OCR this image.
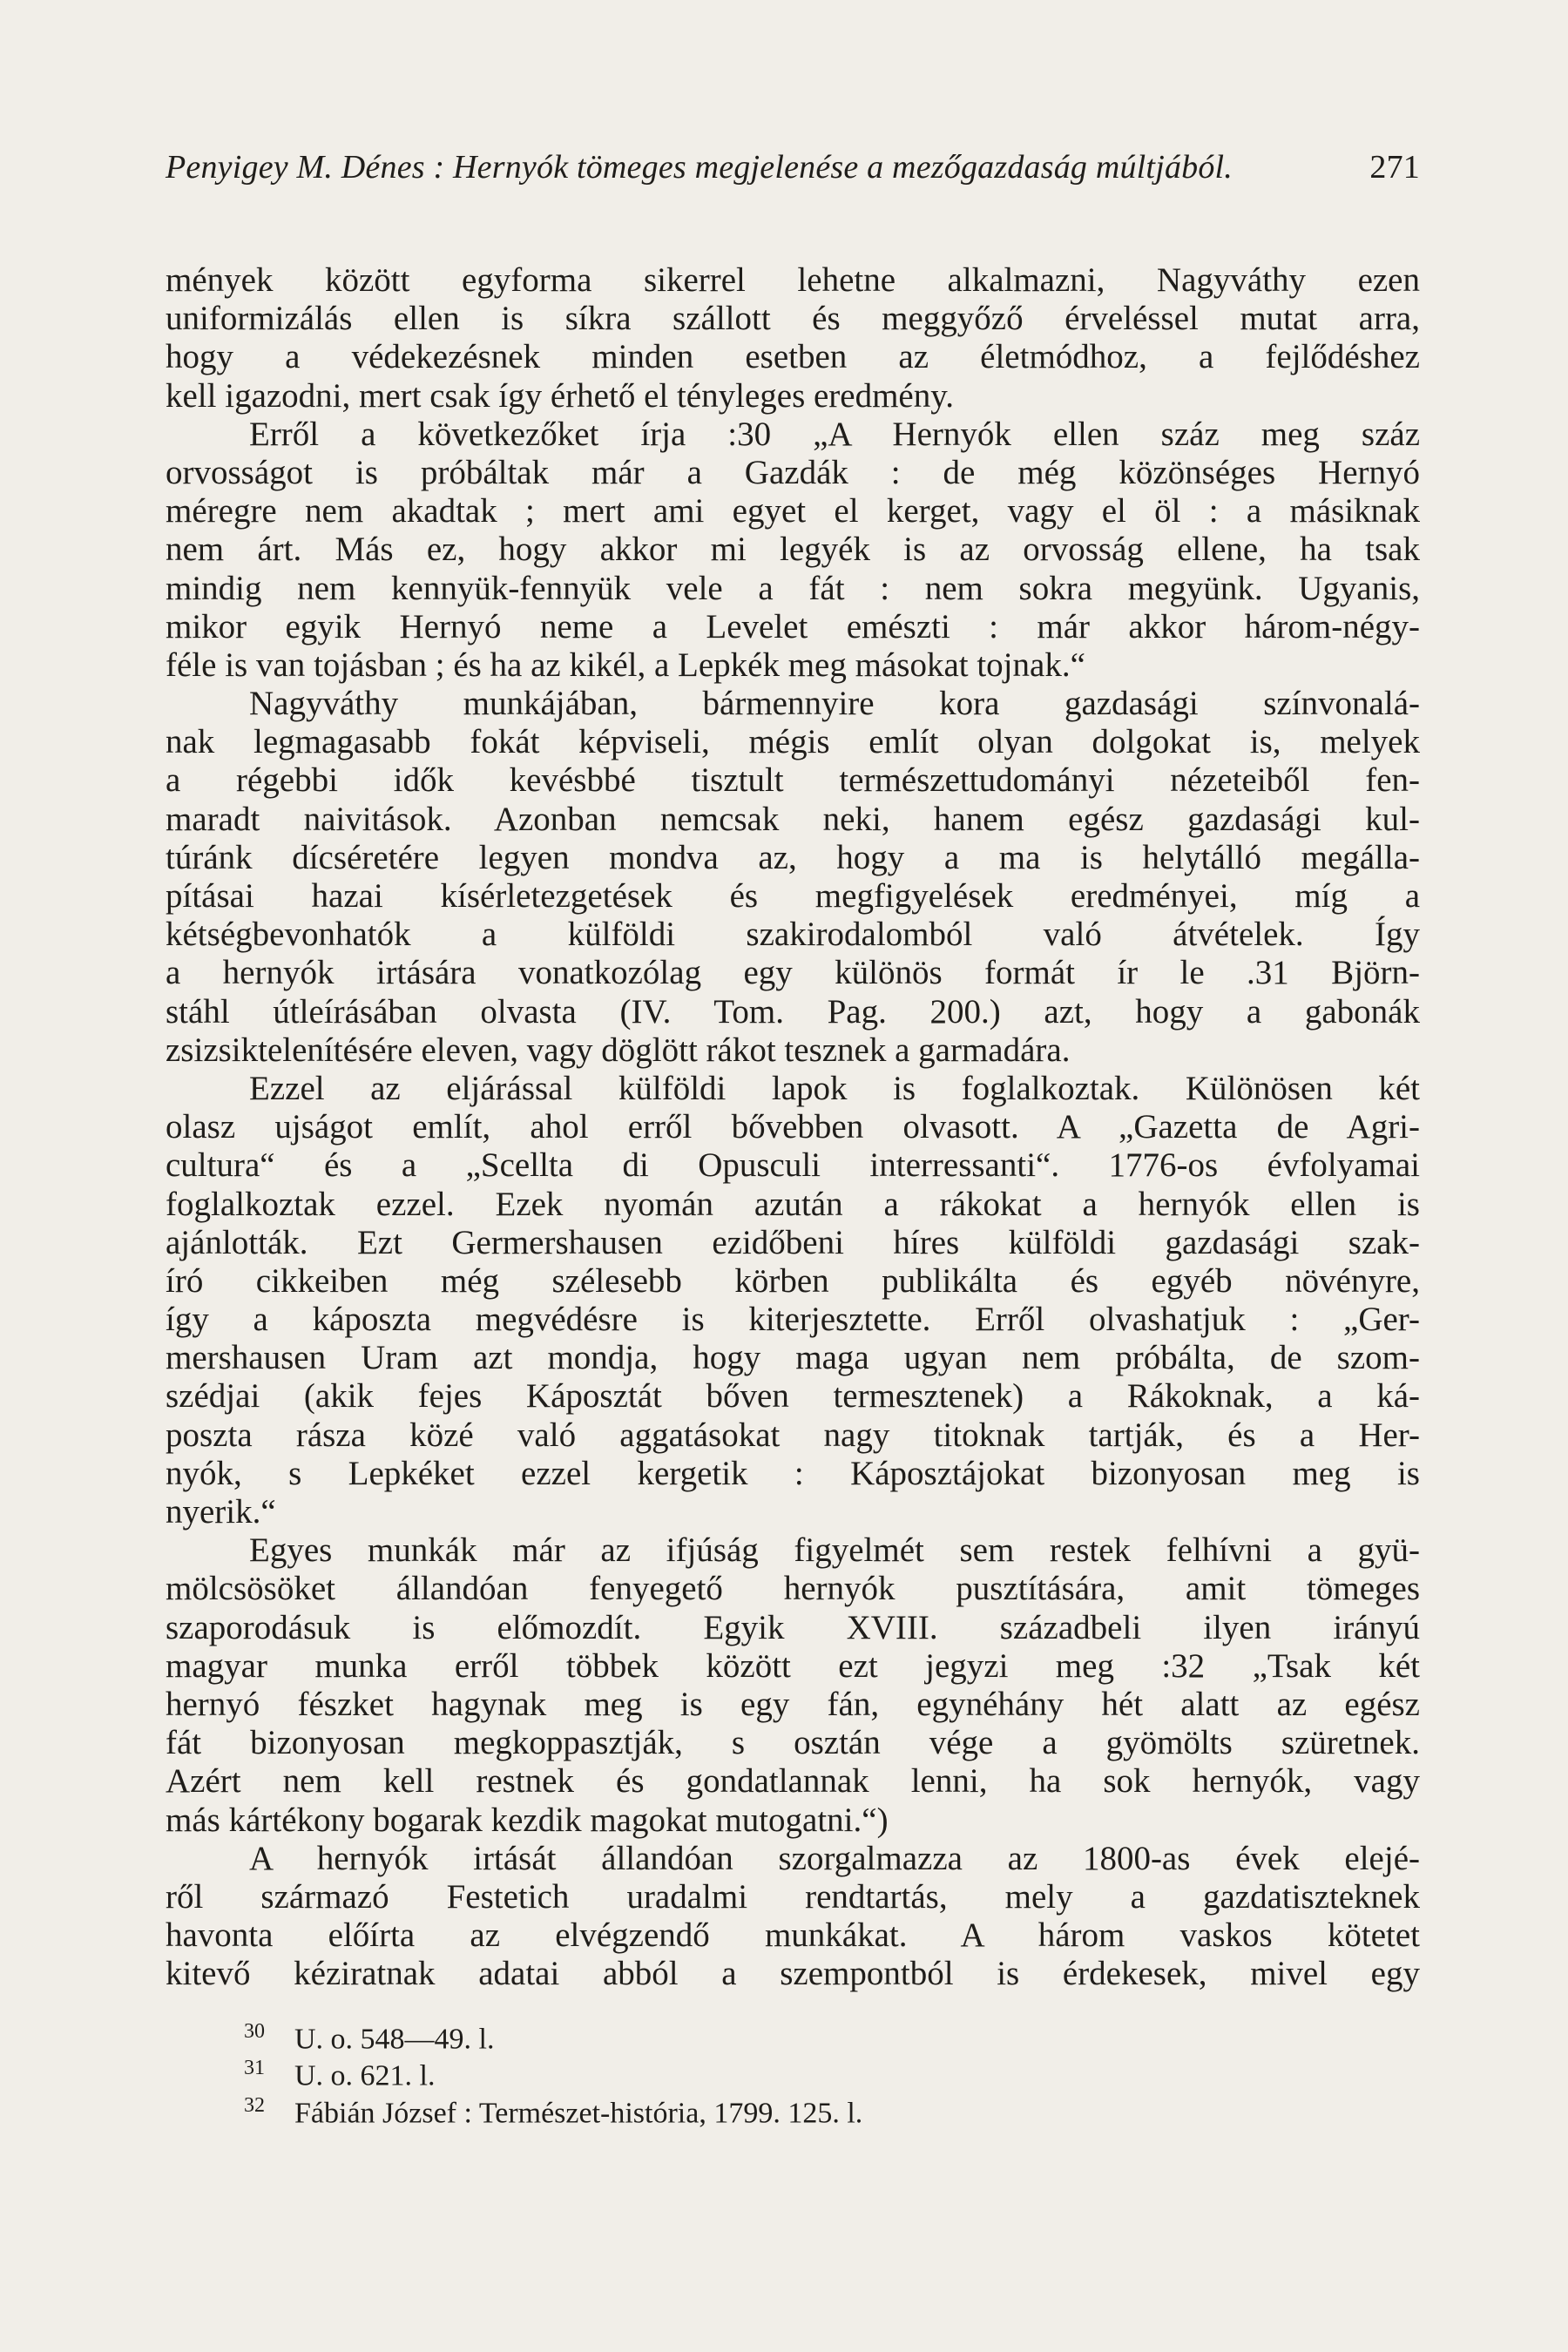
Penyigey M. Dénes : Hernyók tömeges megjelenése a mezőgazdaság múltjából.	271
mények között egyforma sikerrel lehetne alkalmazni, Nagyváthy ezen
uniformizálás ellen is síkra szállott és meggyőző érveléssel mutat arra,
hogy a védekezésnek minden esetben az életmódhoz, a fejlődéshez
kell igazodni, mert csak így érhető el tényleges eredmény.
Erről a következőket írja :30 „A Hernyók ellen száz meg száz
orvosságot is próbáltak már a Gazdák : de még közönséges Hernyó
méregre nem akadtak ; mert ami egyet el kerget, vagy el öl : a másiknak
nem árt. Más ez, hogy akkor mi legyék is az orvosság ellene, ha tsak
mindig nem kennyük-fennyük vele a fát : nem sokra megyünk. Ugyanis,
mikor egyik Hernyó neme a Levelet emészti : már akkor három-négy-
féle is van tojásban ; és ha az kikél, a Lepkék meg másokat tojnak.“
Nagyváthy munkájában, bármennyire kora gazdasági színvonalá-
nak legmagasabb fokát képviseli, mégis említ olyan dolgokat is, melyek
a régebbi idők kevésbbé tisztult természettudományi nézeteiből fen-
maradt naivitások. Azonban nemcsak neki, hanem egész gazdasági kul-
túránk dícséretére legyen mondva az, hogy a ma is helytálló megálla-
pításai hazai kísérletezgetések és megfigyelések eredményei, míg a
kétségbevonhatók a külföldi szakirodalomból való átvételek. Így
a hernyók irtására vonatkozólag egy különös formát ír le .31 Björn-
stáhl útleírásában olvasta (IV. Tom. Pag. 200.) azt, hogy a gabonák
zsizsiktelenítésére eleven, vagy döglött rákot tesznek a garmadára.
Ezzel az eljárással külföldi lapok is foglalkoztak. Különösen két
olasz ujságot említ, ahol erről bővebben olvasott. A „Gazetta de Agri-
cultura“ és a „Scellta di Opusculi interressanti“. 1776-os évfolyamai
foglalkoztak ezzel. Ezek nyomán azután a rákokat a hernyók ellen is
ajánlották. Ezt Germershausen ezidőbeni híres külföldi gazdasági szak-
író cikkeiben még szélesebb körben publikálta és egyéb növényre,
így a káposzta megvédésre is kiterjesztette. Erről olvashatjuk : „Ger-
mershausen Uram azt mondja, hogy maga ugyan nem próbálta, de szom-
szédjai (akik fejes Káposztát bőven termesztenek) a Rákoknak, a ká-
poszta rásza közé való aggatásokat nagy titoknak tartják, és a Her-
nyók, s Lepkéket ezzel kergetik : Káposztájokat bizonyosan meg is
nyerik.“
Egyes munkák már az ifjúság figyelmét sem restek felhívni a gyü-
mölcsösöket állandóan fenyegető hernyók pusztítására, amit tömeges
szaporodásuk is előmozdít. Egyik XVIII. századbeli ilyen irányú
magyar munka erről többek között ezt jegyzi meg :32 „Tsak két
hernyó fészket hagynak meg is egy fán, egynéhány hét alatt az egész
fát bizonyosan megkoppasztják, s osztán vége a gyömölts szüretnek.
Azért nem kell restnek és gondatlannak lenni, ha sok hernyók, vagy
más kártékony bogarak kezdik magokat mutogatni.“)
A hernyók irtását állandóan szorgalmazza az 1800-as évek elejé-
ről származó Festetich uradalmi rendtartás, mely a gazdatiszteknek
havonta előírta az elvégzendő munkákat. A három vaskos kötetet
kitevő kéziratnak adatai abból a szempontból is érdekesek, mivel egy
30 U. o. 548—49. l.
31 U. o. 621. l.
32 Fábián József : Természet-história, 1799. 125. l.
